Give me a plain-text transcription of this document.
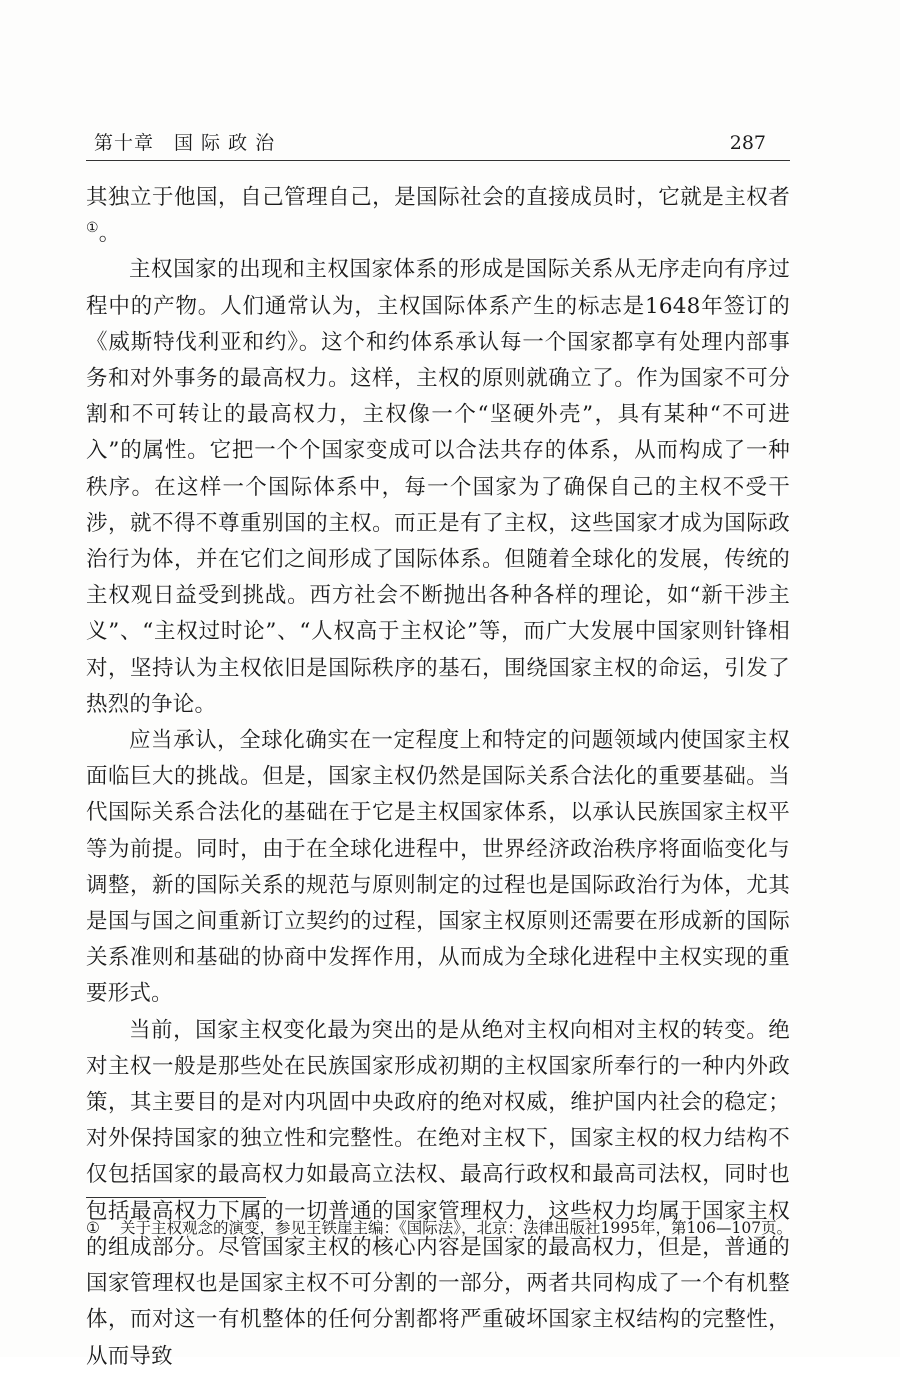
第十章　国 际 政 治	287

其独立于他国，自己管理自己，是国际社会的直接成员时，它就是主权者①。

主权国家的出现和主权国家体系的形成是国际关系从无序走向有序过程中的产物。人们通常认为，主权国际体系产生的标志是1648年签订的《威斯特伐利亚和约》。这个和约体系承认每一个国家都享有处理内部事务和对外事务的最高权力。这样，主权的原则就确立了。作为国家不可分割和不可转让的最高权力，主权像一个“坚硬外壳”，具有某种“不可进入”的属性。它把一个个国家变成可以合法共存的体系，从而构成了一种秩序。在这样一个国际体系中，每一个国家为了确保自己的主权不受干涉，就不得不尊重别国的主权。而正是有了主权，这些国家才成为国际政治行为体，并在它们之间形成了国际体系。但随着全球化的发展，传统的主权观日益受到挑战。西方社会不断抛出各种各样的理论，如“新干涉主义”、“主权过时论”、“人权高于主权论”等，而广大发展中国家则针锋相对，坚持认为主权依旧是国际秩序的基石，围绕国家主权的命运，引发了热烈的争论。

应当承认，全球化确实在一定程度上和特定的问题领域内使国家主权面临巨大的挑战。但是，国家主权仍然是国际关系合法化的重要基础。当代国际关系合法化的基础在于它是主权国家体系，以承认民族国家主权平等为前提。同时，由于在全球化进程中，世界经济政治秩序将面临变化与调整，新的国际关系的规范与原则制定的过程也是国际政治行为体，尤其是国与国之间重新订立契约的过程，国家主权原则还需要在形成新的国际关系准则和基础的协商中发挥作用，从而成为全球化进程中主权实现的重要形式。

当前，国家主权变化最为突出的是从绝对主权向相对主权的转变。绝对主权一般是那些处在民族国家形成初期的主权国家所奉行的一种内外政策，其主要目的是对内巩固中央政府的绝对权威，维护国内社会的稳定；对外保持国家的独立性和完整性。在绝对主权下，国家主权的权力结构不仅包括国家的最高权力如最高立法权、最高行政权和最高司法权，同时也包括最高权力下属的一切普通的国家管理权力，这些权力均属于国家主权的组成部分。尽管国家主权的核心内容是国家的最高权力，但是，普通的国家管理权也是国家主权不可分割的一部分，两者共同构成了一个有机整体，而对这一有机整体的任何分割都将严重破坏国家主权结构的完整性，从而导致

① 关于主权观念的演变，参见王铁崖主编：《国际法》，北京：法律出版社1995年，第106—107页。
